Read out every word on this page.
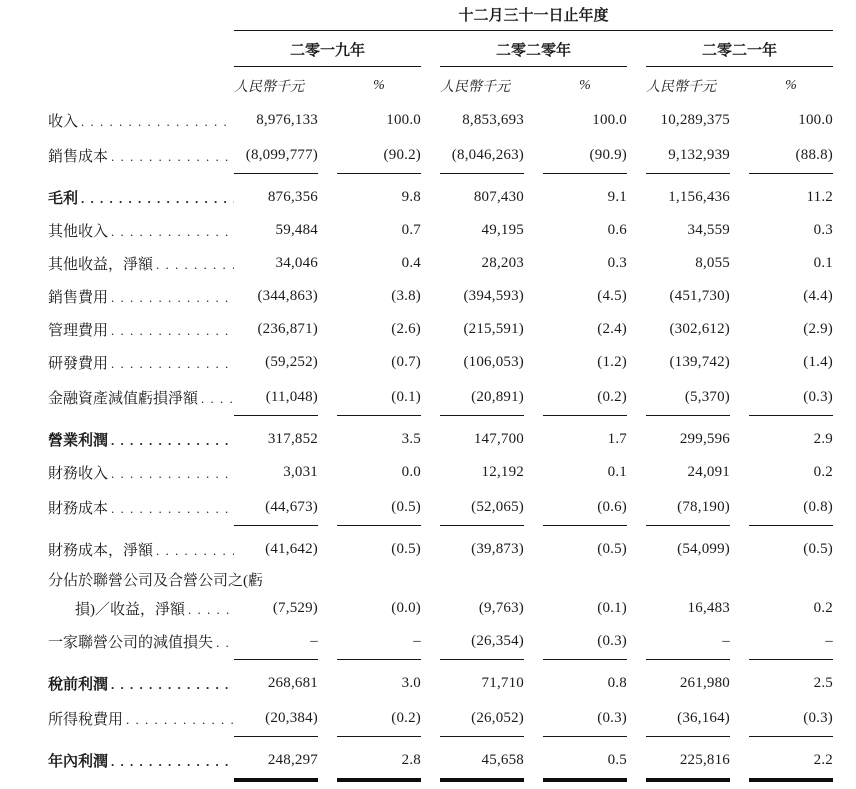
十二月三十一日止年度
二零一九年	二零二零年	二零二一年
人民幣千元	%	人民幣千元	%	人民幣千元	%
收入 . . .	8,976,133	100.0	8,853,693	100.0	10,289,375	100.0
銷售成本 . . .	(8,099,777)	(90.2)	(8,046,263)	(90.9)	9,132,939	(88.8)
毛利 . . .	876,356	9.8	807,430	9.1	1,156,436	11.2
其他收入 . . .	59,484	0.7	49,195	0.6	34,559	0.3
其他收益，淨額 . . .	34,046	0.4	28,203	0.3	8,055	0.1
銷售費用 . . .	(344,863)	(3.8)	(394,593)	(4.5)	(451,730)	(4.4)
管理費用 . . .	(236,871)	(2.6)	(215,591)	(2.4)	(302,612)	(2.9)
研發費用 . . .	(59,252)	(0.7)	(106,053)	(1.2)	(139,742)	(1.4)
金融資產減值虧損淨額 . . .	(11,048)	(0.1)	(20,891)	(0.2)	(5,370)	(0.3)
營業利潤 . . .	317,852	3.5	147,700	1.7	299,596	2.9
財務收入 . . .	3,031	0.0	12,192	0.1	24,091	0.2
財務成本 . . .	(44,673)	(0.5)	(52,065)	(0.6)	(78,190)	(0.8)
財務成本，淨額 . . .	(41,642)	(0.5)	(39,873)	(0.5)	(54,099)	(0.5)
分佔於聯營公司及合營公司之(虧
損)／收益，淨額 . . .	(7,529)	(0.0)	(9,763)	(0.1)	16,483	0.2
一家聯營公司的減值損失 . . .	–	–	(26,354)	(0.3)	–	–
稅前利潤 . . .	268,681	3.0	71,710	0.8	261,980	2.5
所得稅費用 . . .	(20,384)	(0.2)	(26,052)	(0.3)	(36,164)	(0.3)
年內利潤 . . .	248,297	2.8	45,658	0.5	225,816	2.2
